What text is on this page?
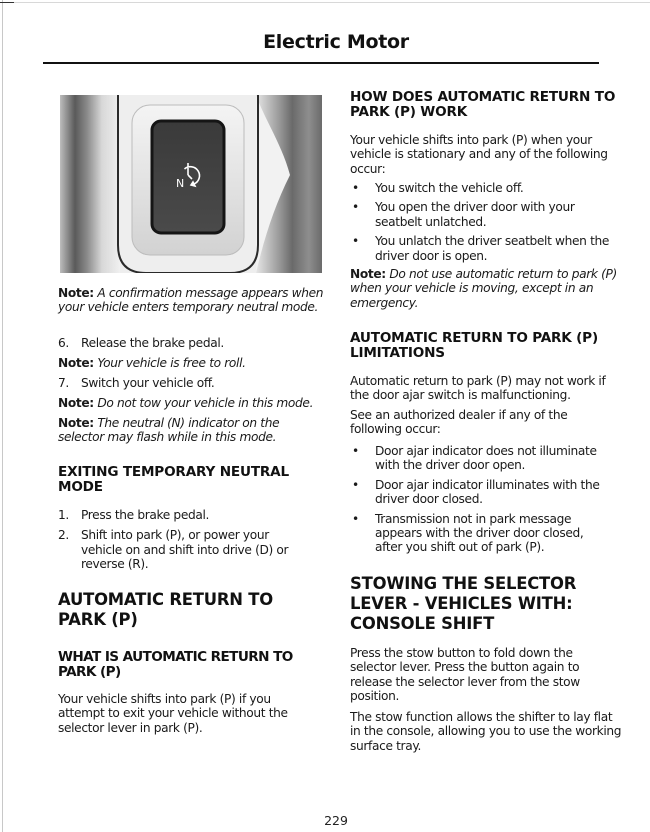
Electric Motor
N

Note: A confirmation message appears when your vehicle enters temporary neutral mode.

6. Release the brake pedal.

Note: Your vehicle is free to roll.

7. Switch your vehicle off.

Note: Do not tow your vehicle in this mode.

Note: The neutral (N) indicator on the selector may flash while in this mode.

EXITING TEMPORARY NEUTRAL MODE
1. Press the brake pedal.
2. Shift into park (P), or power your vehicle on and shift into drive (D) or reverse (R).
AUTOMATIC RETURN TO PARK (P)
WHAT IS AUTOMATIC RETURN TO PARK (P)

Your vehicle shifts into park (P) if you attempt to exit your vehicle without the selector lever in park (P).

HOW DOES AUTOMATIC RETURN TO PARK (P) WORK

Your vehicle shifts into park (P) when your vehicle is stationary and any of the following occur:

•	You switch the vehicle off.
•	You open the driver door with your seatbelt unlatched.
•	You unlatch the driver seatbelt when the driver door is open.

Note: Do not use automatic return to park (P) when your vehicle is moving, except in an emergency.

AUTOMATIC RETURN TO PARK (P) LIMITATIONS

Automatic return to park (P) may not work if the door ajar switch is malfunctioning.

See an authorized dealer if any of the following occur:

•	Door ajar indicator does not illuminate with the driver door open.
•	Door ajar indicator illuminates with the driver door closed.
•	Transmission not in park message appears with the driver door closed, after you shift out of park (P).
STOWING THE SELECTOR LEVER - VEHICLES WITH: CONSOLE SHIFT

Press the stow button to fold down the selector lever. Press the button again to release the selector lever from the stow position.

The stow function allows the shifter to lay flat in the console, allowing you to use the working surface tray.

229
